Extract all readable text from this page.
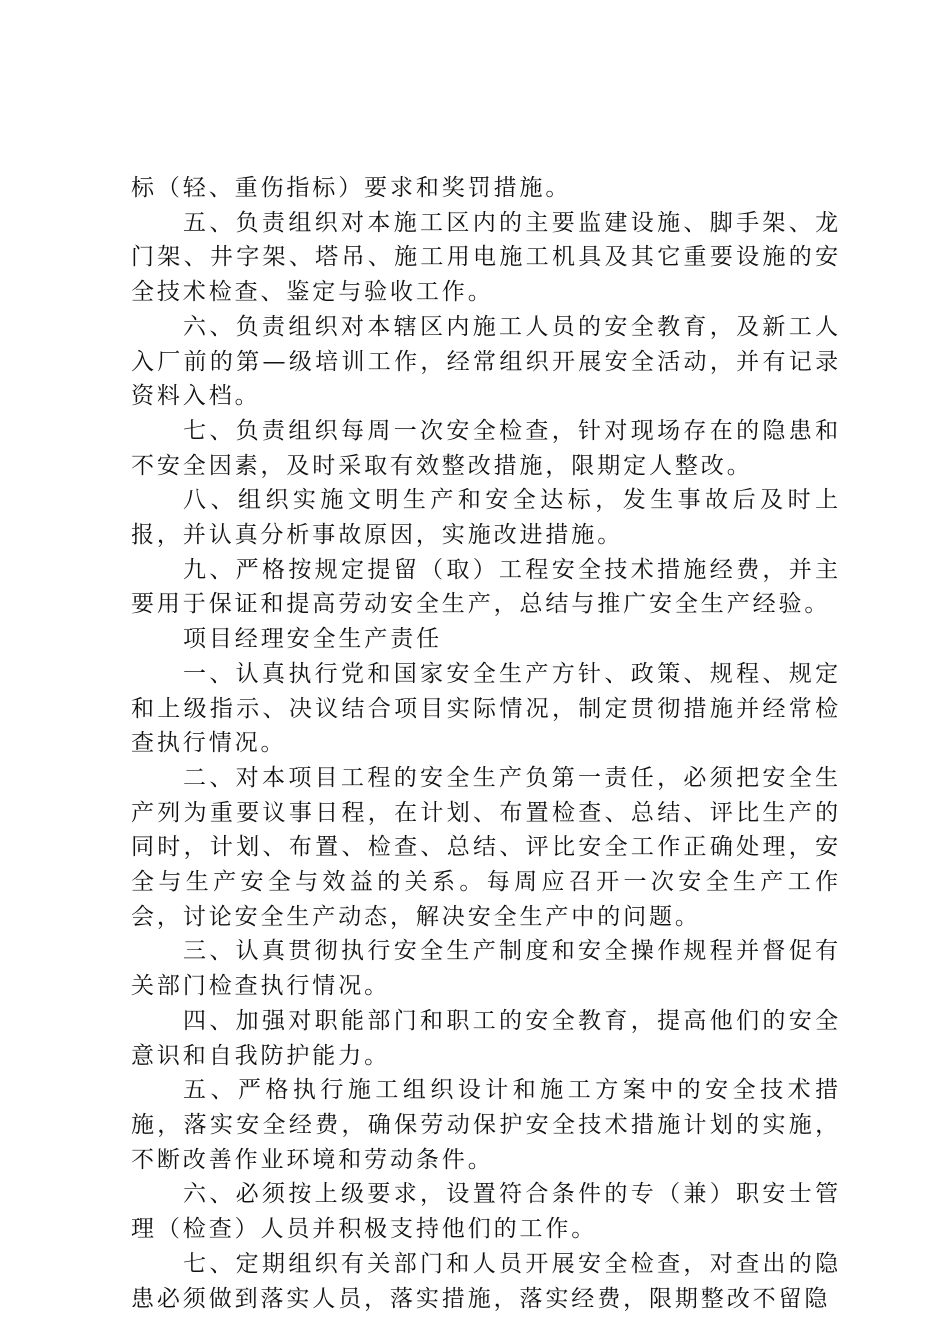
标（轻、重伤指标）要求和奖罚措施。

五、负责组织对本施工区内的主要监建设施、脚手架、龙门架、井字架、塔吊、施工用电施工机具及其它重要设施的安全技术检查、鉴定与验收工作。

六、负责组织对本辖区内施工人员的安全教育，及新工人入厂前的第—级培训工作，经常组织开展安全活动，并有记录资料入档。

七、负责组织每周一次安全检查，针对现场存在的隐患和不安全因素，及时采取有效整改措施，限期定人整改。

八、组织实施文明生产和安全达标，发生事故后及时上报，并认真分析事故原因，实施改进措施。

九、严格按规定提留（取）工程安全技术措施经费，并主要用于保证和提高劳动安全生产，总结与推广安全生产经验。

项目经理安全生产责任

一、认真执行党和国家安全生产方针、政策、规程、规定和上级指示、决议结合项目实际情况，制定贯彻措施并经常检查执行情况。

二、对本项目工程的安全生产负第一责任，必须把安全生产列为重要议事日程，在计划、布置检查、总结、评比生产的同时，计划、布置、检查、总结、评比安全工作正确处理，安全与生产安全与效益的关系。每周应召开一次安全生产工作会，讨论安全生产动态，解决安全生产中的问题。

三、认真贯彻执行安全生产制度和安全操作规程并督促有关部门检查执行情况。

四、加强对职能部门和职工的安全教育，提高他们的安全意识和自我防护能力。

五、严格执行施工组织设计和施工方案中的安全技术措施，落实安全经费，确保劳动保护安全技术措施计划的实施，不断改善作业环境和劳动条件。

六、必须按上级要求，设置符合条件的专（兼）职安士管理（检查）人员并积极支持他们的工作。

七、定期组织有关部门和人员开展安全检查，对查出的隐患必须做到落实人员，落实措施，落实经费，限期整改不留隐
